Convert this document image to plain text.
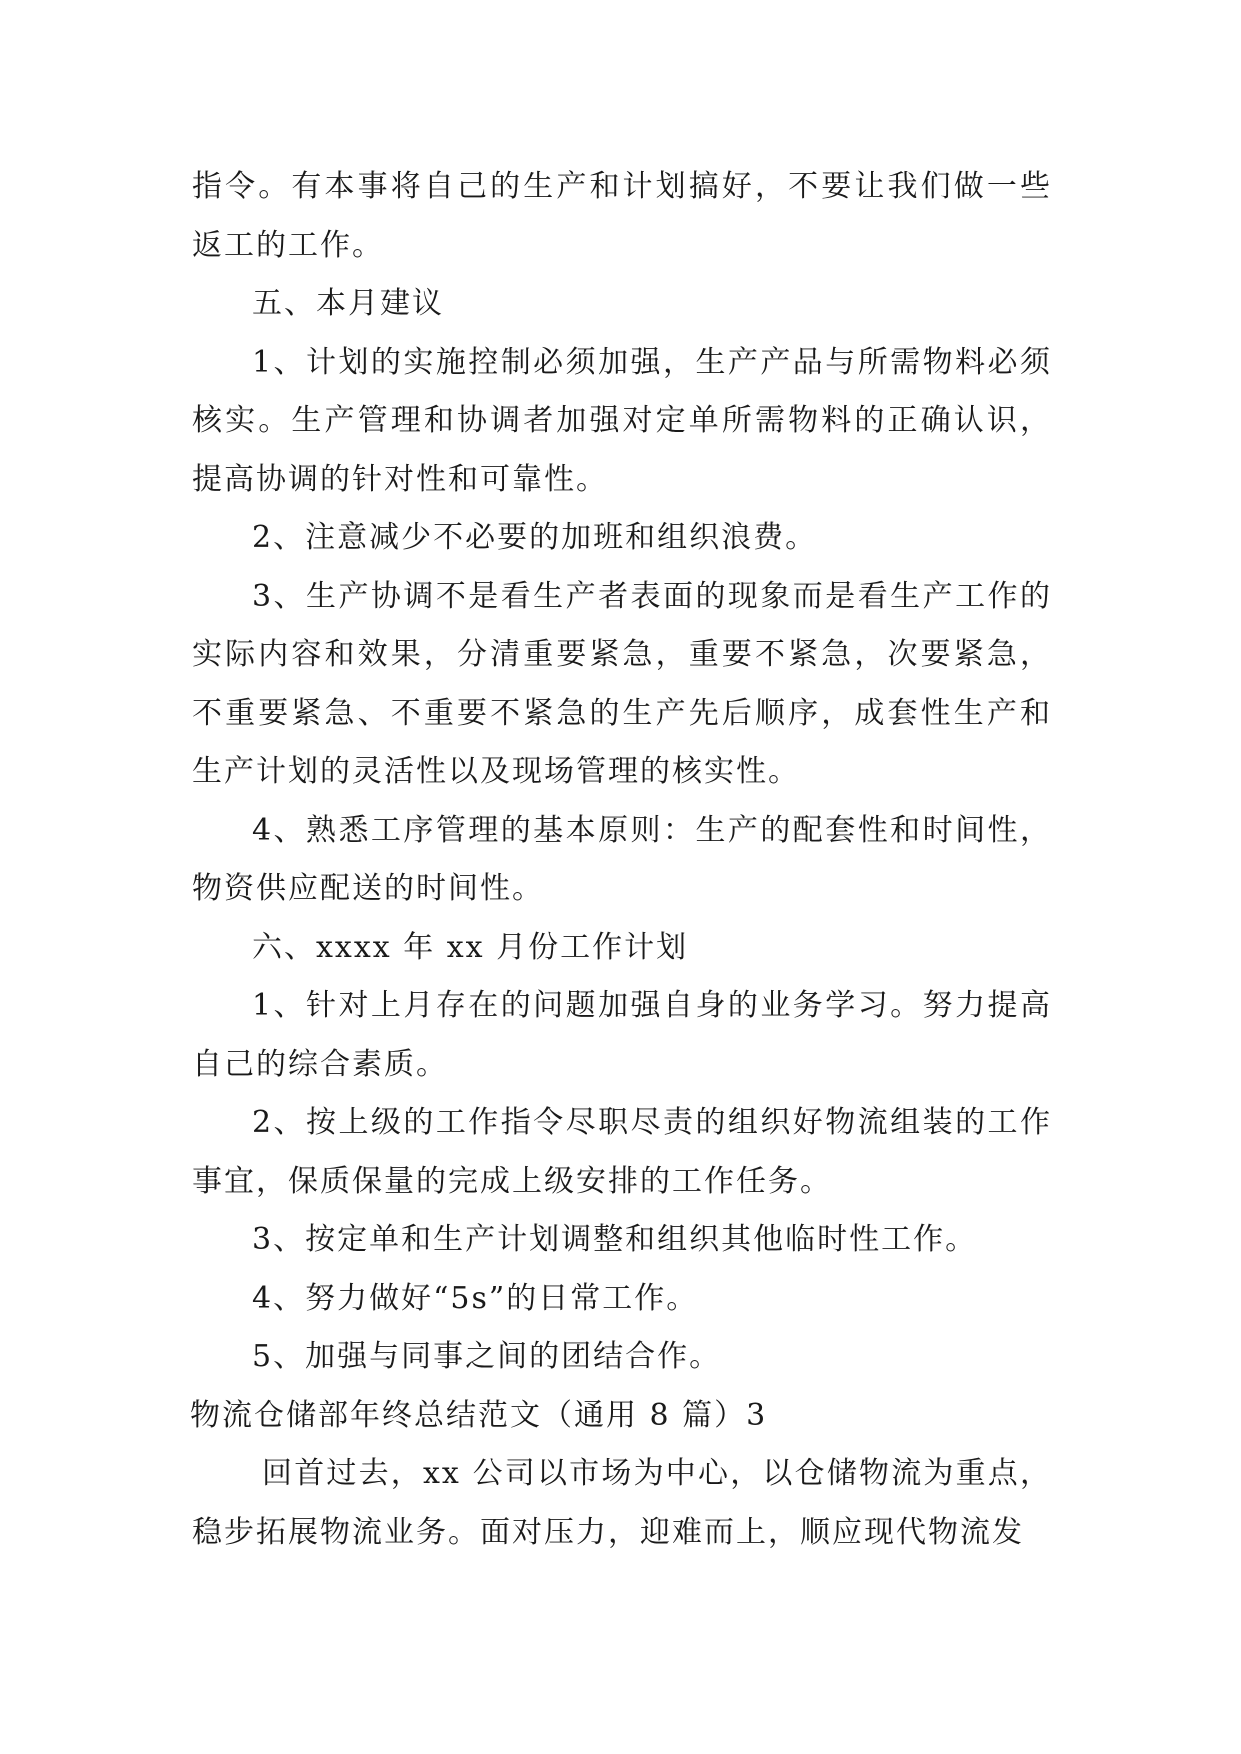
指令。有本事将自己的生产和计划搞好，不要让我们做一些返工的工作。

五、本月建议

1、计划的实施控制必须加强，生产产品与所需物料必须核实。生产管理和协调者加强对定单所需物料的正确认识，提高协调的针对性和可靠性。

2、注意减少不必要的加班和组织浪费。

3、生产协调不是看生产者表面的现象而是看生产工作的实际内容和效果，分清重要紧急，重要不紧急，次要紧急，不重要紧急、不重要不紧急的生产先后顺序，成套性生产和生产计划的灵活性以及现场管理的核实性。

4、熟悉工序管理的基本原则：生产的配套性和时间性，物资供应配送的时间性。

六、xxxx 年 xx 月份工作计划

1、针对上月存在的问题加强自身的业务学习。努力提高自己的综合素质。

2、按上级的工作指令尽职尽责的组织好物流组装的工作事宜，保质保量的完成上级安排的工作任务。

3、按定单和生产计划调整和组织其他临时性工作。

4、努力做好“5s”的日常工作。

5、加强与同事之间的团结合作。

物流仓储部年终总结范文（通用 8 篇）3

回首过去，xx 公司以市场为中心，以仓储物流为重点，稳步拓展物流业务。面对压力，迎难而上，顺应现代物流发
